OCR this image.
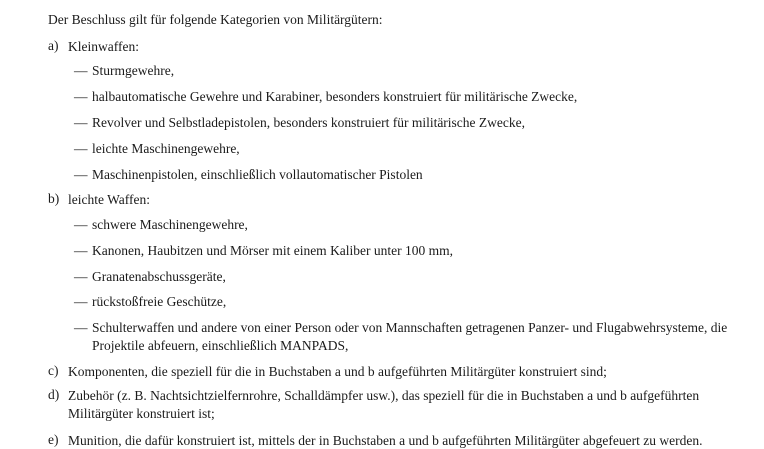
Der Beschluss gilt für folgende Kategorien von Militärgütern:

a) Kleinwaffen:
— Sturmgewehre,
— halbautomatische Gewehre und Karabiner, besonders konstruiert für militärische Zwecke,
— Revolver und Selbstladepistolen, besonders konstruiert für militärische Zwecke,
— leichte Maschinengewehre,
— Maschinenpistolen, einschließlich vollautomatischer Pistolen
b) leichte Waffen:
— schwere Maschinengewehre,
— Kanonen, Haubitzen und Mörser mit einem Kaliber unter 100 mm,
— Granatenabschussgeräte,
— rückstoßfreie Geschütze,
— Schulterwaffen und andere von einer Person oder von Mannschaften getragenen Panzer- und Flugabwehrsysteme, die Projektile abfeuern, einschließlich MANPADS,
c) Komponenten, die speziell für die in Buchstaben a und b aufgeführten Militärgüter konstruiert sind;
d) Zubehör (z. B. Nachtsichtzielfernrohre, Schalldämpfer usw.), das speziell für die in Buchstaben a und b aufgeführten Militärgüter konstruiert ist;
e) Munition, die dafür konstruiert ist, mittels der in Buchstaben a und b aufgeführten Militärgüter abgefeuert zu werden.
